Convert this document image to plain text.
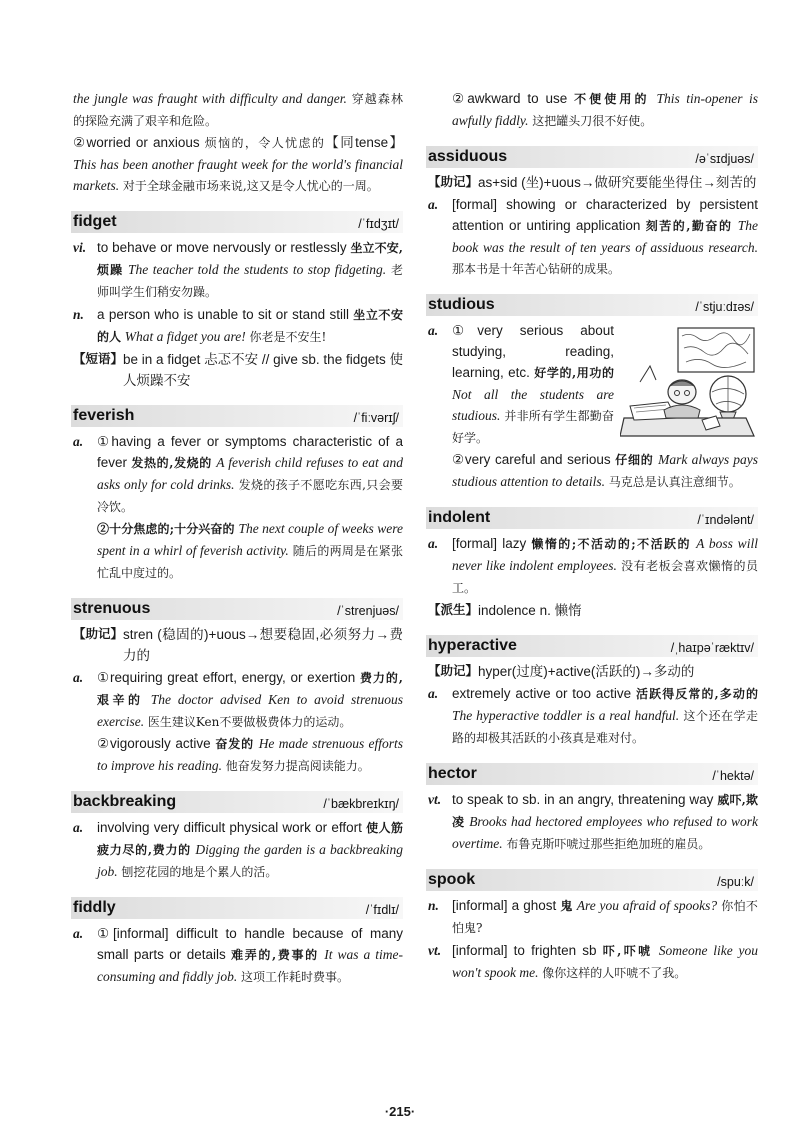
the jungle was fraught with difficulty and danger. 穿越森林的探险充满了艰辛和危险。

②worried or anxious 烦恼的，令人忧虑的【同tense】 This has been another fraught week for the world's financial markets. 对于全球金融市场来说,这又是令人忧心的一周。

fidget	/ˈfɪdʒɪt/
vi. to behave or move nervously or restlessly 坐立不安,烦躁 The teacher told the students to stop fidgeting. 老师叫学生们稍安勿躁。

n. a person who is unable to sit or stand still 坐立不安的人 What a fidget you are! 你老是不安生!

【短语】 be in a fidget 忐忑不安 // give sb. the fidgets 使人烦躁不安

feverish	/ˈfiːvərɪʃ/
a.	①having a fever or symptoms characteristic of a fever 发热的,发烧的 A feverish child refuses to eat and asks only for cold drinks. 发烧的孩子不愿吃东西,只会要冷饮。

②十分焦虑的;十分兴奋的 The next couple of weeks were spent in a whirl of feverish activity. 随后的两周是在紧张忙乱中度过的。

strenuous	/ˈstrenjuəs/
【助记】 stren (稳固的)+uous→想要稳固,必须努力→费力的

a.	①requiring great effort, energy, or exertion 费力的,艰辛的 The doctor advised Ken to avoid strenuous exercise. 医生建议Ken不要做极费体力的运动。

②vigorously active 奋发的 He made strenuous efforts to improve his reading. 他奋发努力提高阅读能力。

backbreaking	/ˈbækbreɪkɪŋ/
a.	involving very difficult physical work or effort 使人筋疲力尽的,费力的 Digging the garden is a backbreaking job. 刨挖花园的地是个累人的活。

fiddly	/ˈfɪdlɪ/
a.	①[informal] difficult to handle because of many small parts or details 难弄的,费事的 It was a time-consuming and fiddly job. 这项工作耗时费事。

②awkward to use 不便使用的 This tin-opener is awfully fiddly. 这把罐头刀很不好使。

assiduous	/əˈsɪdjuəs/
【助记】 as+sid (坐)+uous→做研究要能坐得住→刻苦的

a.	[formal] showing or characterized by persistent attention or untiring application 刻苦的,勤奋的 The book was the result of ten years of assiduous research. 那本书是十年苦心钻研的成果。

studious	/ˈstjuːdɪəs/
a.	①very serious about studying, reading, learning, etc. 好学的,用功的 Not all the students are studious. 并非所有学生都勤奋好学。

②very careful and serious 仔细的 Mark always pays studious attention to details. 马克总是认真注意细节。

indolent	/ˈɪndələnt/
a.	[formal] lazy 懒惰的;不活动的;不活跃的 A boss will never like indolent employees. 没有老板会喜欢懒惰的员工。

【派生】 indolence n. 懒惰

hyperactive	/ˌhaɪpəˈræktɪv/
【助记】 hyper(过度)+active(活跃的)→多动的

a.	extremely active or too active 活跃得反常的,多动的 The hyperactive toddler is a real handful. 这个还在学走路的却极其活跃的小孩真是难对付。

hector	/ˈhektə/
vt. to speak to sb. in an angry, threatening way 威吓,欺凌 Brooks had hectored employees who refused to work overtime. 布鲁克斯吓唬过那些拒绝加班的雇员。

spook	/spuːk/
n. [informal] a ghost 鬼 Are you afraid of spooks? 你怕不怕鬼?

vt. [informal] to frighten sb 吓,吓唬 Someone like you won't spook me. 像你这样的人吓唬不了我。

·215·
